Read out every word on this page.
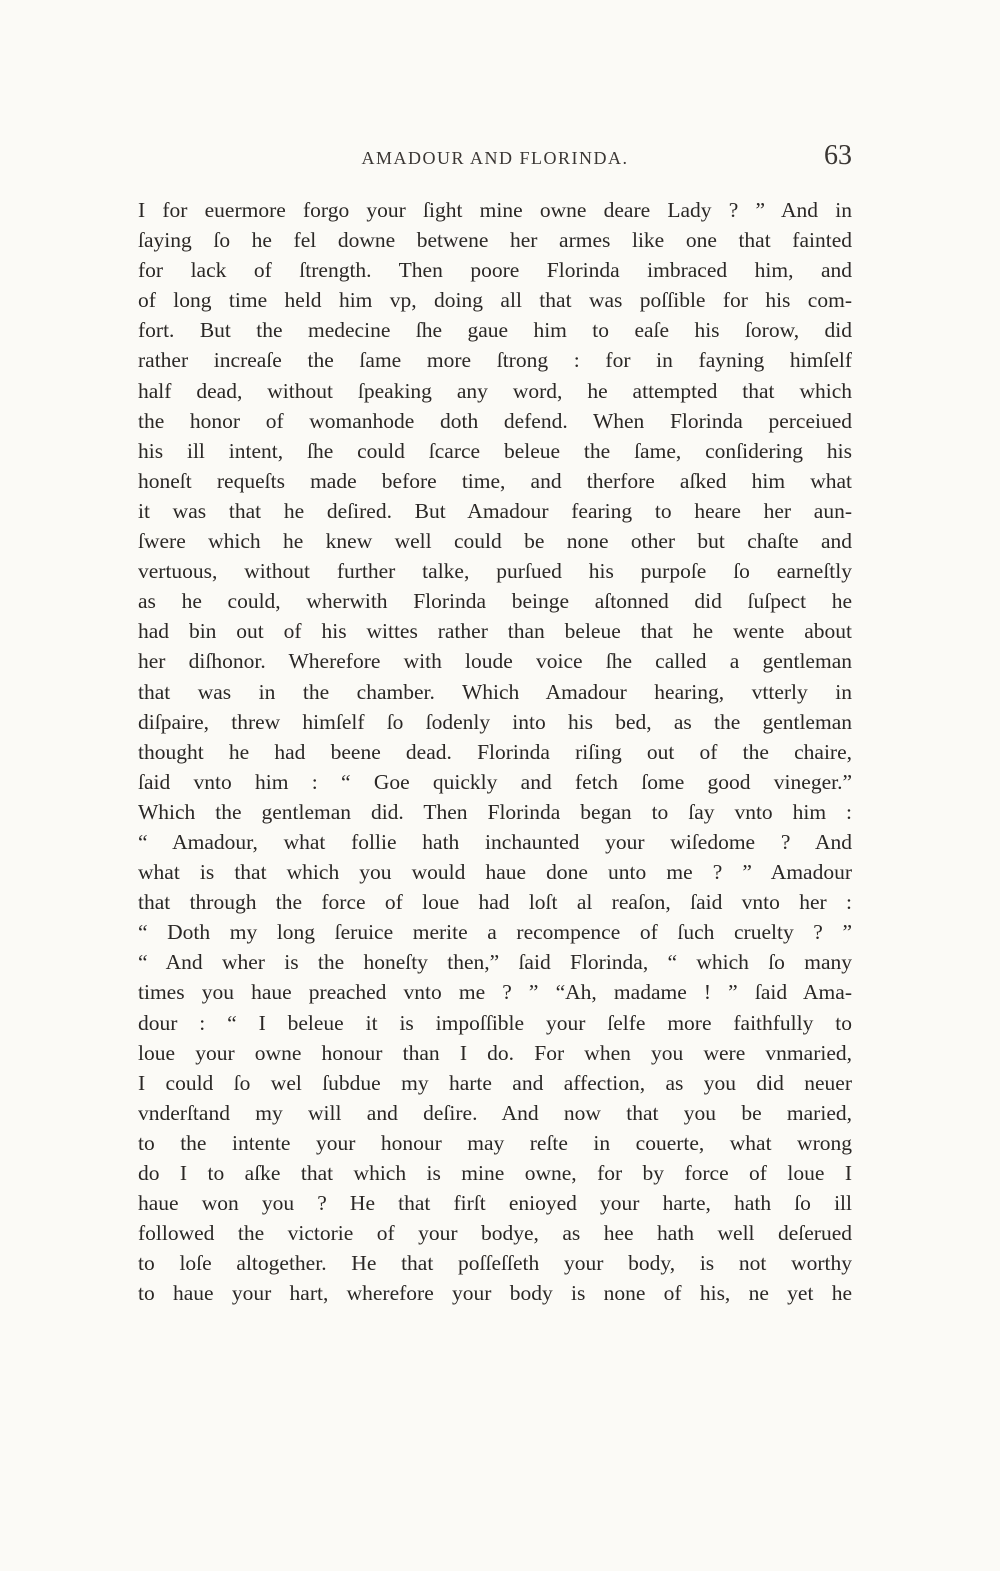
AMADOUR AND FLORINDA.	63
I for euermore forgo your ſight mine owne deare Lady ? ” And in
ſaying ſo he fel downe betwene her armes like one that fainted
for lack of ſtrength. Then poore Florinda imbraced him, and
of long time held him vp, doing all that was poſſible for his com-
fort. But the medecine ſhe gaue him to eaſe his ſorow, did
rather increaſe the ſame more ſtrong : for in fayning himſelf
half dead, without ſpeaking any word, he attempted that which
the honor of womanhode doth defend. When Florinda perceiued
his ill intent, ſhe could ſcarce beleue the ſame, conſidering his
honeſt requeſts made before time, and therfore aſked him what
it was that he deſired. But Amadour fearing to heare her aun-
ſwere which he knew well could be none other but chaſte and
vertuous, without further talke, purſued his purpoſe ſo earneſtly
as he could, wherwith Florinda beinge aſtonned did ſuſpect he
had bin out of his wittes rather than beleue that he wente about
her diſhonor. Wherefore with loude voice ſhe called a gentleman
that was in the chamber. Which Amadour hearing, vtterly in
diſpaire, threw himſelf ſo ſodenly into his bed, as the gentleman
thought he had beene dead. Florinda riſing out of the chaire,
ſaid vnto him : “ Goe quickly and fetch ſome good vineger.”
Which the gentleman did. Then Florinda began to ſay vnto him :
“ Amadour, what follie hath inchaunted your wiſedome ? And
what is that which you would haue done unto me ? ” Amadour
that through the force of loue had loſt al reaſon, ſaid vnto her :
“ Doth my long ſeruice merite a recompence of ſuch cruelty ? ”
“ And wher is the honeſty then,” ſaid Florinda, “ which ſo many
times you haue preached vnto me ? ” “Ah, madame ! ” ſaid Ama-
dour : “ I beleue it is impoſſible your ſelfe more faithfully to
loue your owne honour than I do. For when you were vnmaried,
I could ſo wel ſubdue my harte and affection, as you did neuer
vnderſtand my will and deſire. And now that you be maried,
to the intente your honour may reſte in couerte, what wrong
do I to aſke that which is mine owne, for by force of loue I
haue won you ? He that firſt enioyed your harte, hath ſo ill
followed the victorie of your bodye, as hee hath well deſerued
to loſe altogether. He that poſſeſſeth your body, is not worthy
to haue your hart, wherefore your body is none of his, ne yet he
